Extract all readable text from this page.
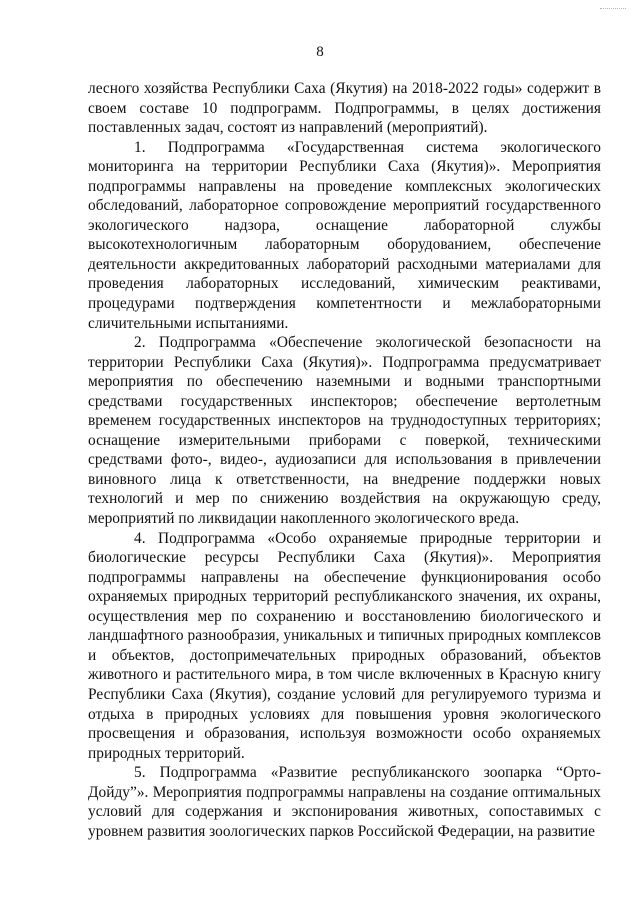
8

лесного хозяйства Республики Саха (Якутия) на 2018-2022 годы» содержит в своем составе 10 подпрограмм. Подпрограммы, в целях достижения поставленных задач, состоят из направлений (мероприятий).

1. Подпрограмма «Государственная система экологического мониторинга на территории Республики Саха (Якутия)». Мероприятия подпрограммы направлены на проведение комплексных экологических обследований, лабораторное сопровождение мероприятий государственного экологического надзора, оснащение лабораторной службы высокотехнологичным лабораторным оборудованием, обеспечение деятельности аккредитованных лабораторий расходными материалами для проведения лабораторных исследований, химическим реактивами, процедурами подтверждения компетентности и межлабораторными сличительными испытаниями.

2. Подпрограмма «Обеспечение экологической безопасности на территории Республики Саха (Якутия)». Подпрограмма предусматривает мероприятия по обеспечению наземными и водными транспортными средствами государственных инспекторов; обеспечение вертолетным временем государственных инспекторов на труднодоступных территориях; оснащение измерительными приборами с поверкой, техническими средствами фото-, видео-, аудиозаписи для использования в привлечении виновного лица к ответственности, на внедрение поддержки новых технологий и мер по снижению воздействия на окружающую среду, мероприятий по ликвидации накопленного экологического вреда.

4. Подпрограмма «Особо охраняемые природные территории и биологические ресурсы Республики Саха (Якутия)». Мероприятия подпрограммы направлены на обеспечение функционирования особо охраняемых природных территорий республиканского значения, их охраны, осуществления мер по сохранению и восстановлению биологического и ландшафтного разнообразия, уникальных и типичных природных комплексов и объектов, достопримечательных природных образований, объектов животного и растительного мира, в том числе включенных в Красную книгу Республики Саха (Якутия), создание условий для регулируемого туризма и отдыха в природных условиях для повышения уровня экологического просвещения и образования, используя возможности особо охраняемых природных территорий.

5. Подпрограмма «Развитие республиканского зоопарка “Орто-Дойду”». Мероприятия подпрограммы направлены на создание оптимальных условий для содержания и экспонирования животных, сопоставимых с уровнем развития зоологических парков Российской Федерации, на развитие
